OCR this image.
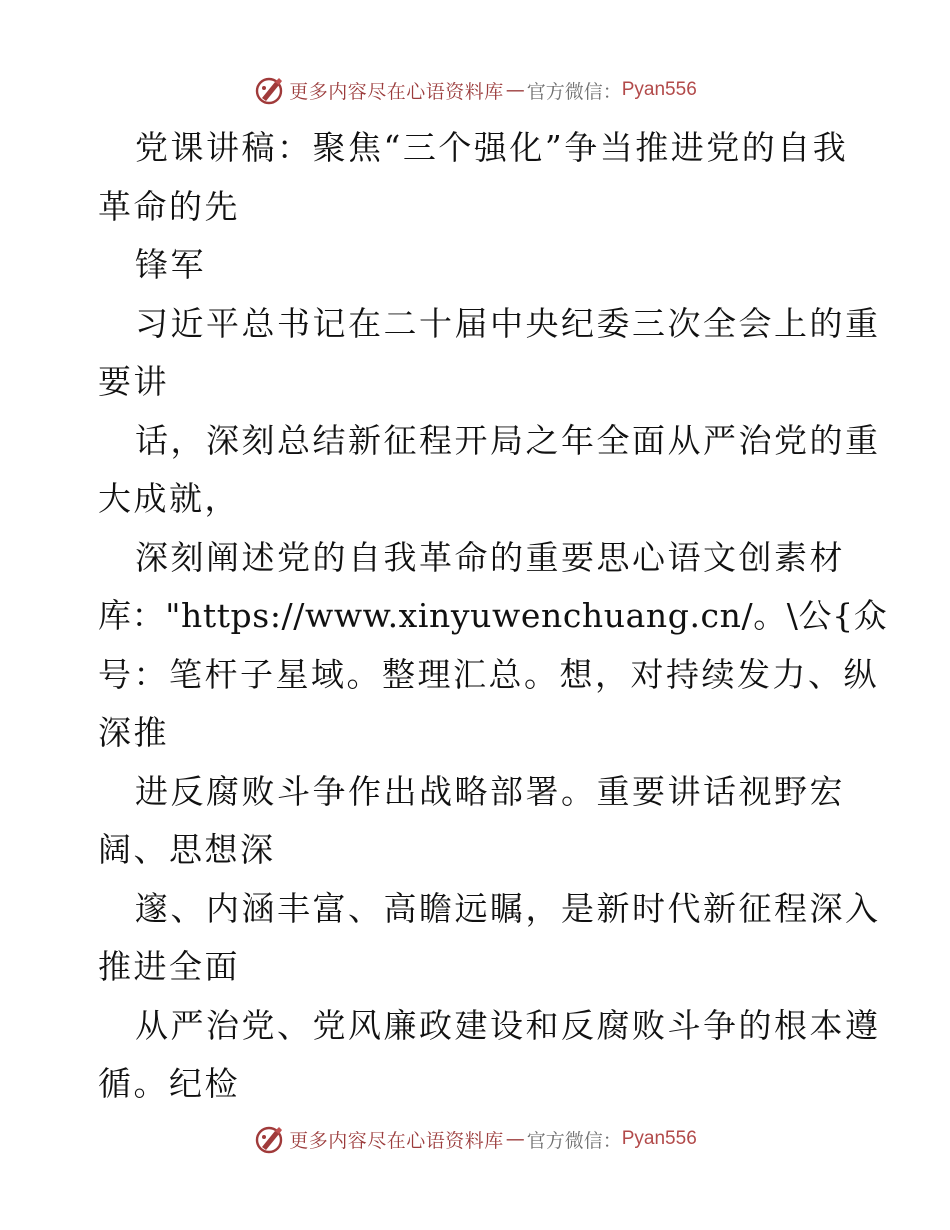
更多内容尽在心语资料库 — 官方微信： Pyan556
党课讲稿：聚焦“三个强化”争当推进党的自我
革命的先
锋军
习近平总书记在二十届中央纪委三次全会上的重
要讲
话，深刻总结新征程开局之年全面从严治党的重
大成就，
深刻阐述党的自我革命的重要思心语文创素材
库："https://www.xinyuwenchuang.cn/。\公{众
号：笔杆子星域。整理汇总。想，对持续发力、纵
深推
进反腐败斗争作出战略部署。重要讲话视野宏
阔、思想深
邃、内涵丰富、高瞻远瞩，是新时代新征程深入
推进全面
从严治党、党风廉政建设和反腐败斗争的根本遵
循。纪检
更多内容尽在心语资料库 — 官方微信： Pyan556
